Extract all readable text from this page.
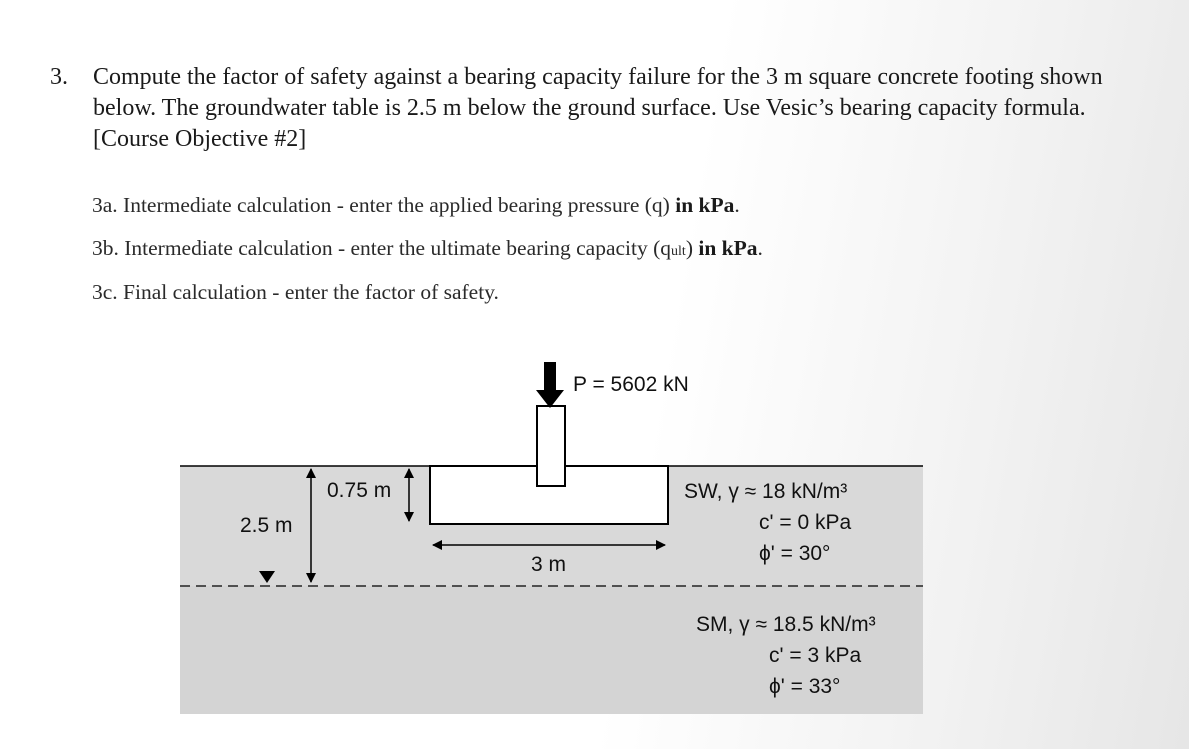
3. Compute the factor of safety against a bearing capacity failure for the 3 m square concrete footing shown below. The groundwater table is 2.5 m below the ground surface. Use Vesic’s bearing capacity formula. [Course Objective #2]
3a. Intermediate calculation - enter the applied bearing pressure (q) in kPa.
3b. Intermediate calculation - enter the ultimate bearing capacity (qult) in kPa.
3c. Final calculation - enter the factor of safety.
P = 5602 kN
2.5 m
0.75 m
3 m
SW, γ ≈ 18 kN/m³
c' = 0 kPa
ϕ' = 30°
SM, γ ≈ 18.5 kN/m³
c' = 3 kPa
ϕ' = 33°
